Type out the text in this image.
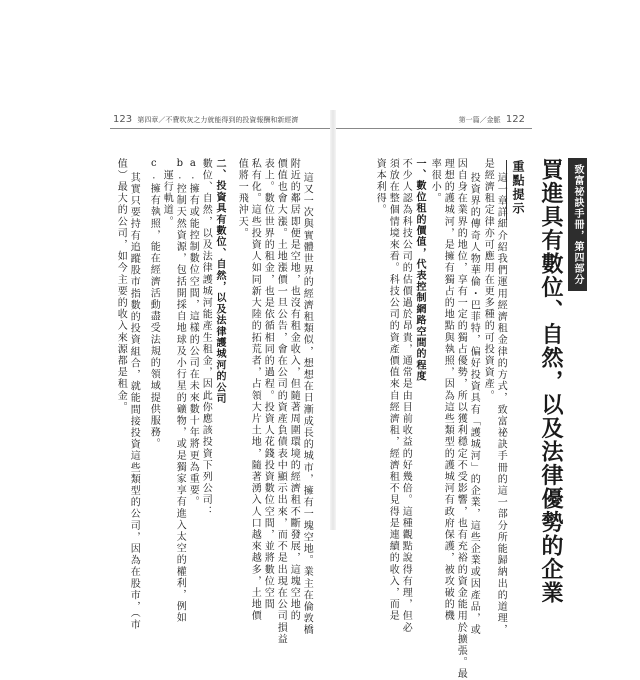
123 第四章／不費吹灰之力就能得到的投資報酬和新經濟	第一篇／金脈 122
致富祕訣手冊，第四部分
買進具有數位、自然，以及法律優勢的企業
重點提示
這一章詳細介紹我們運用經濟租金律的方式，致富祕訣手冊的這一部分所能歸納出的道理，
是經濟租定律亦可應用在更多種的可投資資產。
投資界的傳奇人物華倫・巴菲特，偏好投資具有「護城河」的企業，這些企業或因產品，或
因自身在業界的地位，享有一定的獨占優勢，所以獲利穩定不受影響，也有充裕的資金能用於擴張。最
理想的護城河，是擁有獨占的地點與執照，因為這些類型的護城河有政府保護，被攻破的機
率很小。
一、數位租的價值，代表控制網路空間的程度
不少人認為科技公司的估價過於昂貴，通常是由目前收益的好幾倍。這種觀點說得有理，但必
須放在整個情境來看。科技公司的資產價值來自經濟租，經濟租不見得是連續的收入，而是
資本利得。
這又一次與實體世界的經濟租類似，想想在日漸成長的城市，擁有一塊空地。業主在倫敦橋
附近的鄰居即便是空地，也沒有租金收入，但隨著周圍環境的經濟租不斷發展，這塊空地的
價值也會大漲。土地漲價一旦公告，會在公司的資產負債表中顯示出來，而不是出現在公司損益
表上。數位世界的租金，也是依循相同的過程。投資人花錢投資數位空間，並將數位空間
私有化。這些投資人如同新大陸的拓荒者，占領大片土地，隨著湧入人口越來越多，土地價
值將一飛沖天。
二、投資具有數位、自然，以及法律護城河的公司
數位、自然，以及法律護城河能產生租金，因此你應該投資下列公司：
a.擁有或能控制數位空間，這樣的公司在未來數十年將更為重要。
b.控制天然資源，包括開採自地球及小行星的礦物，或是獨家享有進入太空的權利，例如
　運行軌道。
c.擁有執照，能在經濟活動盡受法規的領域提供服務。
其實只要持有追蹤股市指數的投資組合，就能間接投資這些類型的公司，因為在股市，（市
值）最大的公司，如今主要的收入來源都是租金。
